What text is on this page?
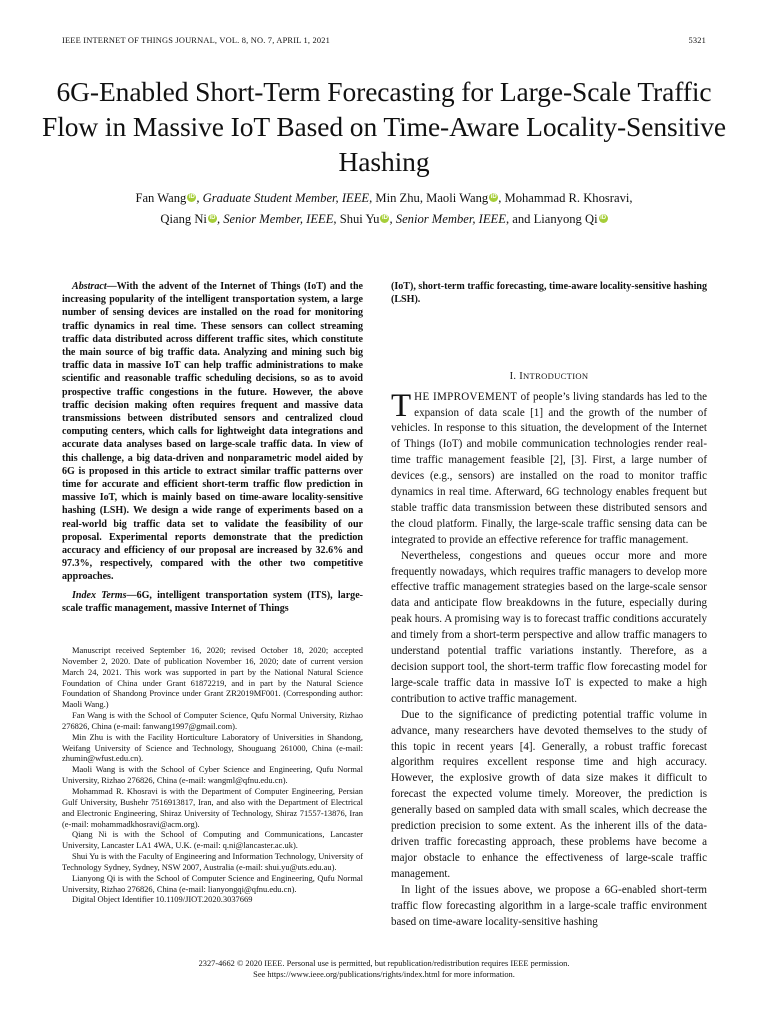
IEEE INTERNET OF THINGS JOURNAL, VOL. 8, NO. 7, APRIL 1, 2021	5321
6G-Enabled Short-Term Forecasting for Large-Scale Traffic Flow in Massive IoT Based on Time-Aware Locality-Sensitive Hashing
Fan Wang iD , Graduate Student Member, IEEE, Min Zhu, Maoli Wang iD , Mohammad R. Khosravi,
Qiang Ni iD , Senior Member, IEEE, Shui Yu iD , Senior Member, IEEE, and Lianyong Qi iD

Abstract—With the advent of the Internet of Things (IoT) and the increasing popularity of the intelligent transportation system, a large number of sensing devices are installed on the road for monitoring traffic dynamics in real time. These sensors can collect streaming traffic data distributed across different traffic sites, which constitute the main source of big traffic data. Analyzing and mining such big traffic data in massive IoT can help traffic administrations to make scientific and reasonable traffic scheduling decisions, so as to avoid prospective traffic congestions in the future. However, the above traffic decision making often requires frequent and massive data transmissions between distributed sensors and centralized cloud computing centers, which calls for lightweight data integrations and accurate data analyses based on large-scale traffic data. In view of this challenge, a big data-driven and nonparametric model aided by 6G is proposed in this article to extract similar traffic patterns over time for accurate and efficient short-term traffic flow prediction in massive IoT, which is mainly based on time-aware locality-sensitive hashing (LSH). We design a wide range of experiments based on a real-world big traffic data set to validate the feasibility of our proposal. Experimental reports demonstrate that the prediction accuracy and efficiency of our proposal are increased by 32.6% and 97.3%, respectively, compared with the other two competitive approaches.

Index Terms—6G, intelligent transportation system (ITS), large-scale traffic management, massive Internet of Things

Manuscript received September 16, 2020; revised October 18, 2020; accepted November 2, 2020. Date of publication November 16, 2020; date of current version March 24, 2021. This work was supported in part by the National Natural Science Foundation of China under Grant 61872219, and in part by the Natural Science Foundation of Shandong Province under Grant ZR2019MF001. (Corresponding author: Maoli Wang.)

Fan Wang is with the School of Computer Science, Qufu Normal University, Rizhao 276826, China (e-mail: fanwang1997@gmail.com).

Min Zhu is with the Facility Horticulture Laboratory of Universities in Shandong, Weifang University of Science and Technology, Shouguang 261000, China (e-mail: zhumin@wfust.edu.cn).

Maoli Wang is with the School of Cyber Science and Engineering, Qufu Normal University, Rizhao 276826, China (e-mail: wangml@qfnu.edu.cn).

Mohammad R. Khosravi is with the Department of Computer Engineering, Persian Gulf University, Bushehr 7516913817, Iran, and also with the Department of Electrical and Electronic Engineering, Shiraz University of Technology, Shiraz 71557-13876, Iran (e-mail: mohammadkhosravi@acm.org).

Qiang Ni is with the School of Computing and Communications, Lancaster University, Lancaster LA1 4WA, U.K. (e-mail: q.ni@lancaster.ac.uk).

Shui Yu is with the Faculty of Engineering and Information Technology, University of Technology Sydney, Sydney, NSW 2007, Australia (e-mail: shui.yu@uts.edu.au).

Lianyong Qi is with the School of Computer Science and Engineering, Qufu Normal University, Rizhao 276826, China (e-mail: lianyongqi@qfnu.edu.cn).

Digital Object Identifier 10.1109/JIOT.2020.3037669

(IoT), short-term traffic forecasting, time-aware locality-sensitive hashing (LSH).

I. INTRODUCTION

THE IMPROVEMENT of people’s living standards has led to the expansion of data scale [1] and the growth of the number of vehicles. In response to this situation, the development of the Internet of Things (IoT) and mobile communication technologies render real-time traffic management feasible [2], [3]. First, a large number of devices (e.g., sensors) are installed on the road to monitor traffic dynamics in real time. Afterward, 6G technology enables frequent but stable traffic data transmission between these distributed sensors and the cloud platform. Finally, the large-scale traffic sensing data can be integrated to provide an effective reference for traffic management.

Nevertheless, congestions and queues occur more and more frequently nowadays, which requires traffic managers to develop more effective traffic management strategies based on the large-scale sensor data and anticipate flow breakdowns in the future, especially during peak hours. A promising way is to forecast traffic conditions accurately and timely from a short-term perspective and allow traffic managers to understand potential traffic variations instantly. Therefore, as a decision support tool, the short-term traffic flow forecasting model for large-scale traffic data in massive IoT is expected to make a high contribution to active traffic management.

Due to the significance of predicting potential traffic volume in advance, many researchers have devoted themselves to the study of this topic in recent years [4]. Generally, a robust traffic forecast algorithm requires excellent response time and high accuracy. However, the explosive growth of data size makes it difficult to forecast the expected volume timely. Moreover, the prediction is generally based on sampled data with small scales, which decrease the prediction precision to some extent. As the inherent ills of the data-driven traffic forecasting approach, these problems have become a major obstacle to enhance the effectiveness of large-scale traffic management.

In light of the issues above, we propose a 6G-enabled short-term traffic flow forecasting algorithm in a large-scale traffic environment based on time-aware locality-sensitive hashing

2327-4662 © 2020 IEEE. Personal use is permitted, but republication/redistribution requires IEEE permission.
See https://www.ieee.org/publications/rights/index.html for more information.
